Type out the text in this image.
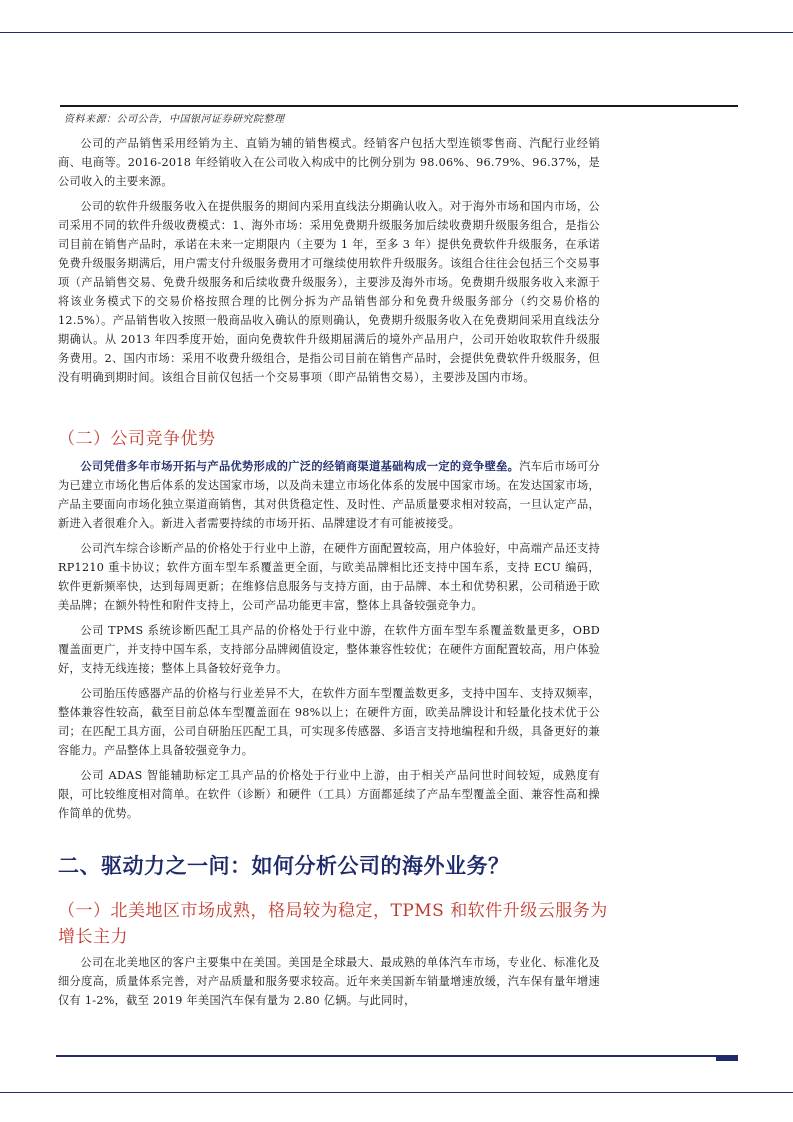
资料来源：公司公告，中国银河证券研究院整理

公司的产品销售采用经销为主、直销为辅的销售模式。经销客户包括大型连锁零售商、汽配行业经销商、电商等。2016-2018 年经销收入在公司收入构成中的比例分别为 98.06%、96.79%、96.37%，是公司收入的主要来源。

公司的软件升级服务收入在提供服务的期间内采用直线法分期确认收入。对于海外市场和国内市场，公司采用不同的软件升级收费模式：1、海外市场：采用免费期升级服务加后续收费期升级服务组合，是指公司目前在销售产品时，承诺在未来一定期限内（主要为 1 年，至多 3 年）提供免费软件升级服务，在承诺免费升级服务期满后，用户需支付升级服务费用才可继续使用软件升级服务。该组合往往会包括三个交易事项（产品销售交易、免费升级服务和后续收费升级服务），主要涉及海外市场。免费期升级服务收入来源于将该业务模式下的交易价格按照合理的比例分拆为产品销售部分和免费升级服务部分（约交易价格的 12.5%）。产品销售收入按照一般商品收入确认的原则确认，免费期升级服务收入在免费期间采用直线法分期确认。从 2013 年四季度开始，面向免费软件升级期届满后的境外产品用户，公司开始收取软件升级服务费用。2、国内市场：采用不收费升级组合，是指公司目前在销售产品时，会提供免费软件升级服务，但没有明确到期时间。该组合目前仅包括一个交易事项（即产品销售交易），主要涉及国内市场。

（二）公司竞争优势

公司凭借多年市场开拓与产品优势形成的广泛的经销商渠道基础构成一定的竞争壁垒。汽车后市场可分为已建立市场化售后体系的发达国家市场，以及尚未建立市场化体系的发展中国家市场。在发达国家市场，产品主要面向市场化独立渠道商销售，其对供货稳定性、及时性、产品质量要求相对较高，一旦认定产品，新进入者很难介入。新进入者需要持续的市场开拓、品牌建设才有可能被接受。

公司汽车综合诊断产品的价格处于行业中上游，在硬件方面配置较高，用户体验好，中高端产品还支持 RP1210 重卡协议；软件方面车型车系覆盖更全面，与欧美品牌相比还支持中国车系，支持 ECU 编码，软件更新频率快，达到每周更新；在维修信息服务与支持方面，由于品牌、本土和优势积累，公司稍逊于欧美品牌；在额外特性和附件支持上，公司产品功能更丰富，整体上具备较强竞争力。

公司 TPMS 系统诊断匹配工具产品的价格处于行业中游，在软件方面车型车系覆盖数量更多，OBD 覆盖面更广，并支持中国车系，支持部分品牌阈值设定，整体兼容性较优；在硬件方面配置较高，用户体验好，支持无线连接；整体上具备较好竞争力。

公司胎压传感器产品的价格与行业差异不大，在软件方面车型覆盖数更多，支持中国车、支持双频率，整体兼容性较高，截至目前总体车型覆盖面在 98%以上；在硬件方面，欧美品牌设计和轻量化技术优于公司；在匹配工具方面，公司自研胎压匹配工具，可实现多传感器、多语言支持地编程和升级，具备更好的兼容能力。产品整体上具备较强竞争力。

公司 ADAS 智能辅助标定工具产品的价格处于行业中上游，由于相关产品问世时间较短，成熟度有限，可比较维度相对简单。在软件（诊断）和硬件（工具）方面都延续了产品车型覆盖全面、兼容性高和操作简单的优势。

二、驱动力之一问：如何分析公司的海外业务？
（一）北美地区市场成熟，格局较为稳定，TPMS 和软件升级云服务为增长主力

公司在北美地区的客户主要集中在美国。美国是全球最大、最成熟的单体汽车市场，专业化、标准化及细分度高，质量体系完善，对产品质量和服务要求较高。近年来美国新车销量增速放缓，汽车保有量年增速仅有 1-2%，截至 2019 年美国汽车保有量为 2.80 亿辆。与此同时，
